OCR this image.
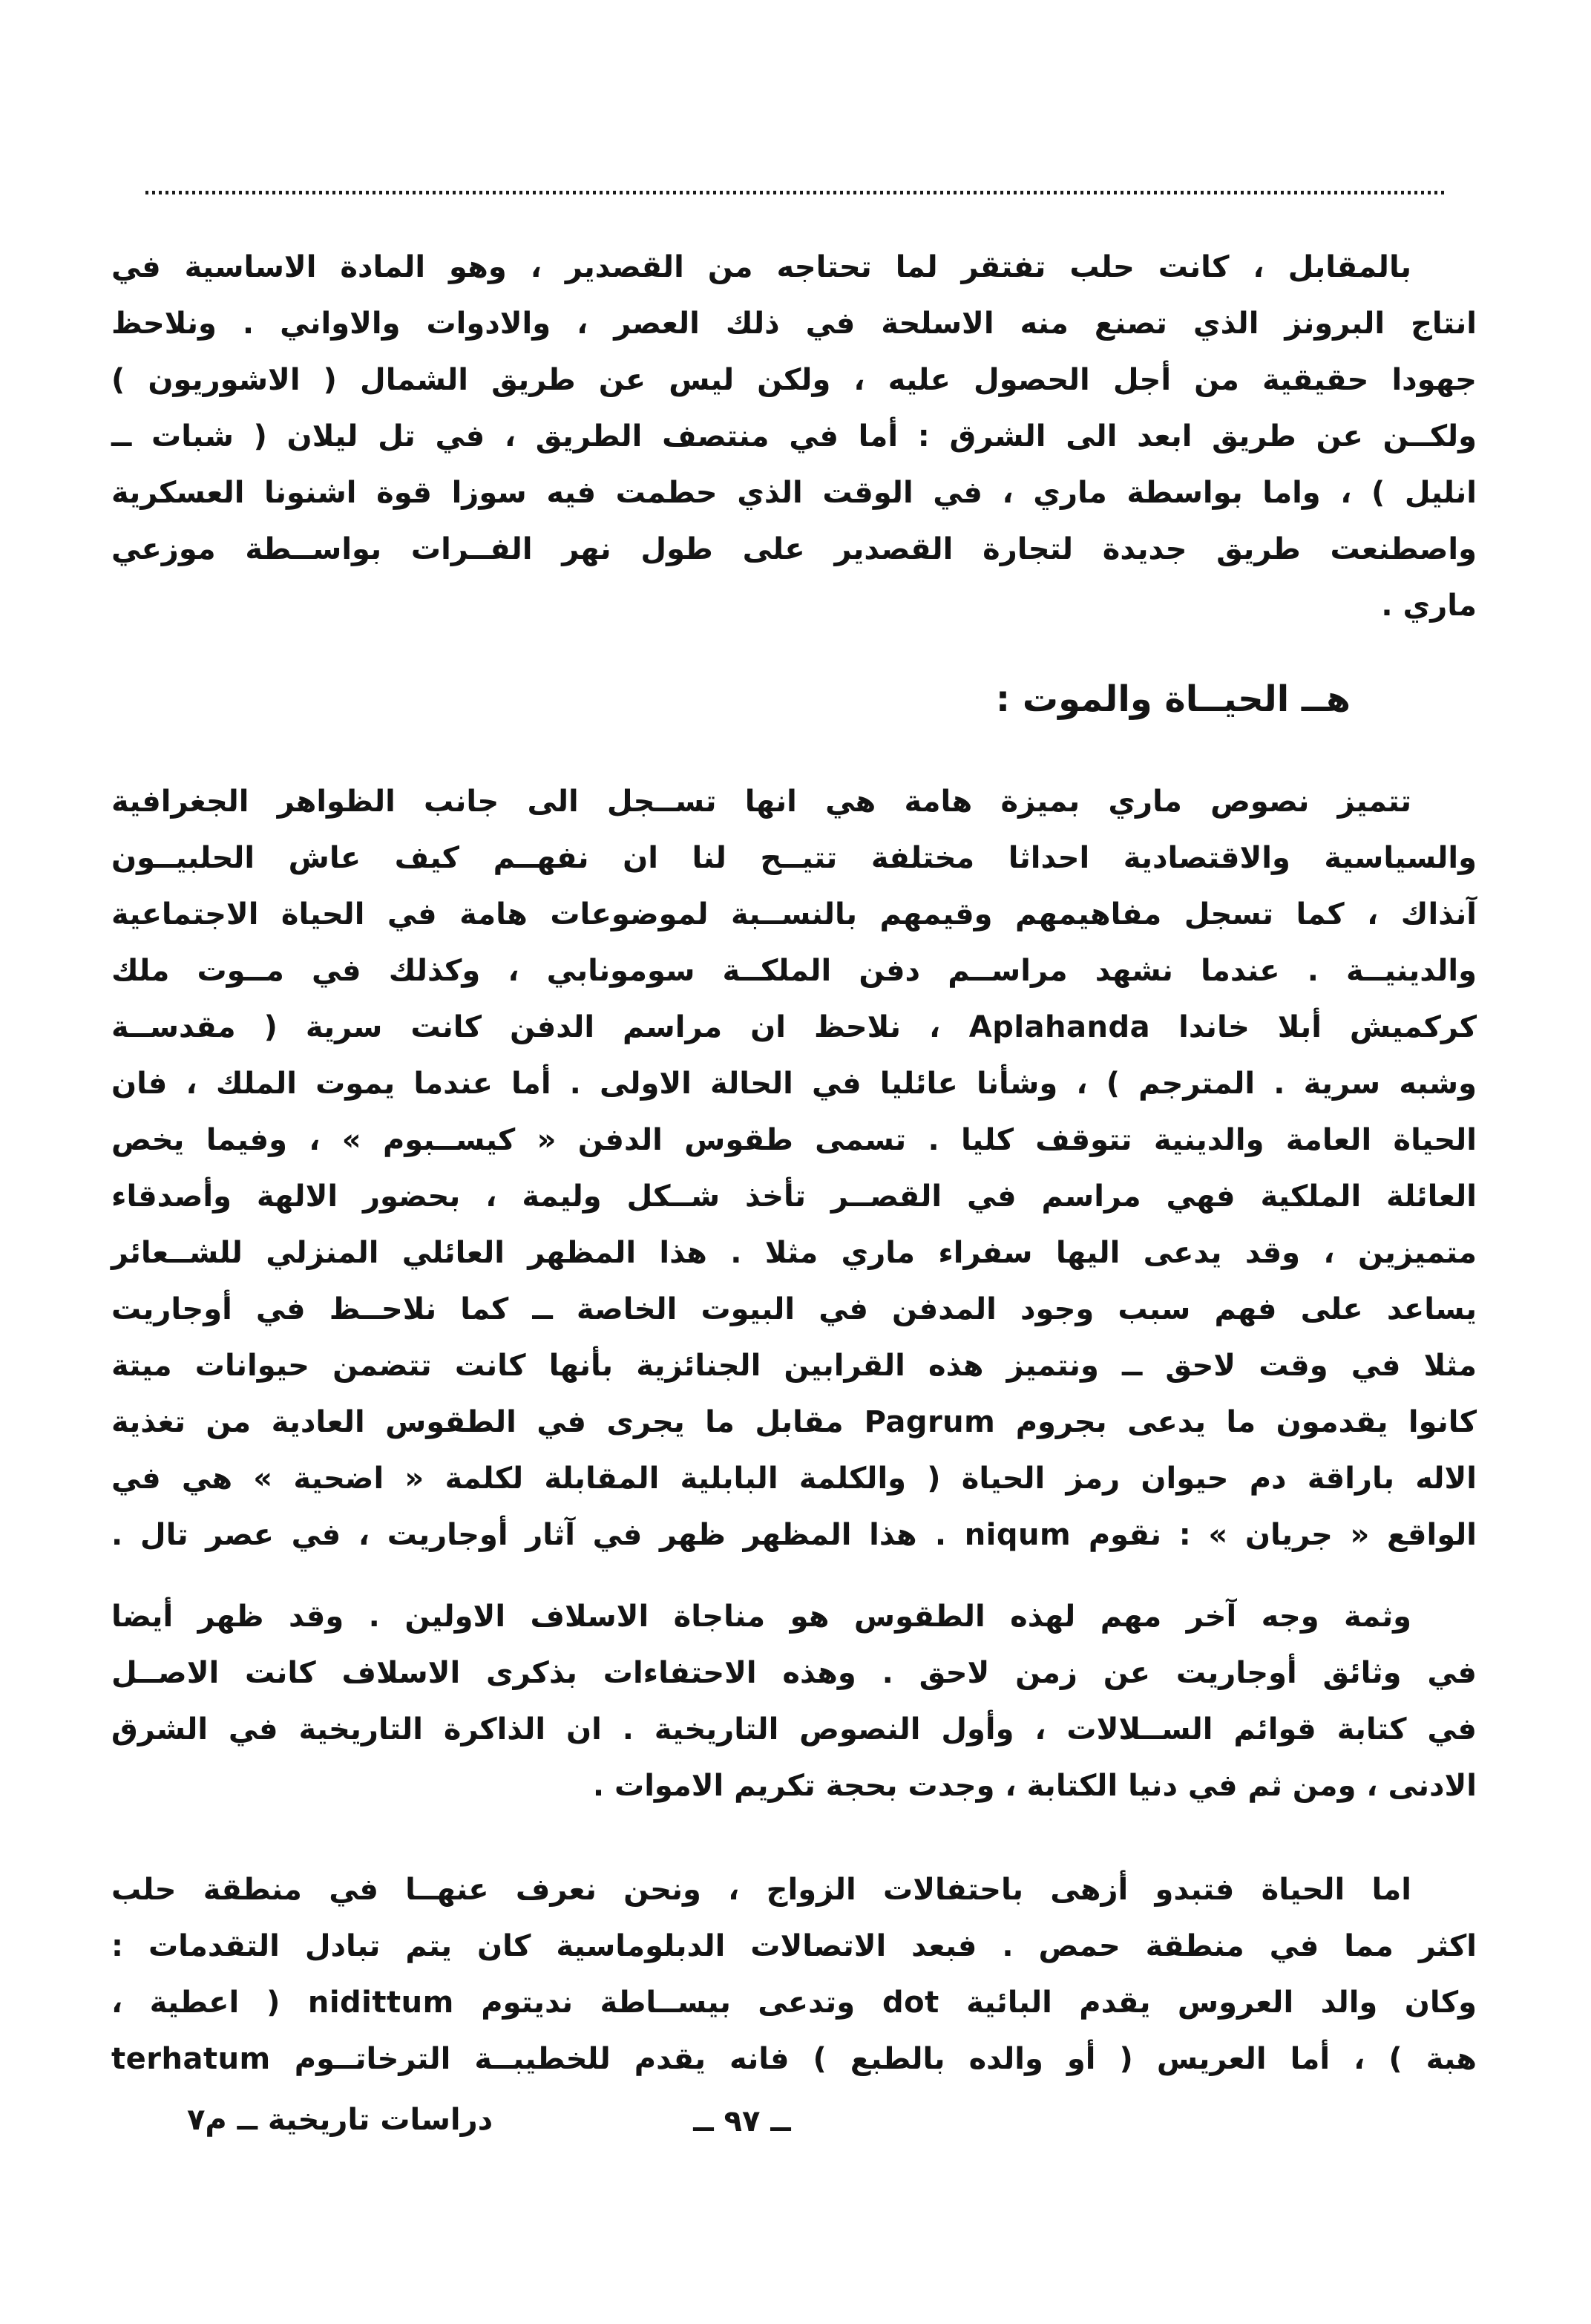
بالمقابل ، كانت حلب تفتقر لما تحتاجه من القصدير ، وهو المادة الاساسية في
انتاج البرونز الذي تصنع منه الاسلحة في ذلك العصر ، والادوات والاواني . ونلاحظ
جهودا حقيقية من أجل الحصول عليه ، ولكن ليس عن طريق الشمال ( الاشوريون )
ولكــن عن طريق ابعد الى الشرق : أما في منتصف الطريق ، في تل ليلان ( شبات ــ
انليل ) ، واما بواسطة ماري ، في الوقت الذي حطمت فيه سوزا قوة اشنونا العسكرية
واصطنعت طريق جديدة لتجارة القصدير على طول نهر الفــرات بواســطة موزعي
ماري .
هــ الحيــاة والموت :
تتميز نصوص ماري بميزة هامة هي انها تســجل الى جانب الظواهر الجغرافية
والسياسية والاقتصادية احداثا مختلفة تتيــح لنا ان نفهــم كيف عاش الحلبيــون
آنذاك ، كما تسجل مفاهيمهم وقيمهم بالنســبة لموضوعات هامة في الحياة الاجتماعية
والدينيــة . عندما نشهد مراســم دفن الملكــة سومونابي ، وكذلك في مــوت ملك
كركميش أبلا خاندا Aplahanda ، نلاحظ ان مراسم الدفن كانت سرية ( مقدســة
وشبه سرية . المترجم ) ، وشأنا عائليا في الحالة الاولى . أما عندما يموت الملك ، فان
الحياة العامة والدينية تتوقف كليا . تسمى طقوس الدفن « كيســبوم » ، وفيما يخص
العائلة الملكية فهي مراسم في القصــر تأخذ شــكل وليمة ، بحضور الالهة وأصدقاء
متميزين ، وقد يدعى اليها سفراء ماري مثلا . هذا المظهر العائلي المنزلي للشــعائر
يساعد على فهم سبب وجود المدفن في البيوت الخاصة ــ كما نلاحــظ في أوجاريت
مثلا في وقت لاحق ــ ونتميز هذه القرابين الجنائزية بأنها كانت تتضمن حيوانات ميتة
كانوا يقدمون ما يدعى بجروم Pagrum مقابل ما يجرى في الطقوس العادية من تغذية
الاله باراقة دم حيوان رمز الحياة ( والكلمة البابلية المقابلة لكلمة « اضحية » هي في
الواقع « جريان » : نقوم niqum . هذا المظهر ظهر في آثار أوجاريت ، في عصر تال .
وثمة وجه آخر مهم لهذه الطقوس هو مناجاة الاسلاف الاولين . وقد ظهر أيضا
في وثائق أوجاريت عن زمن لاحق . وهذه الاحتفاءات بذكرى الاسلاف كانت الاصــل
في كتابة قوائم الســلالات ، وأول النصوص التاريخية . ان الذاكرة التاريخية في الشرق
الادنى ، ومن ثم في دنيا الكتابة ، وجدت بحجة تكريم الاموات .
اما الحياة فتبدو أزهى باحتفالات الزواج ، ونحن نعرف عنهــا في منطقة حلب
اكثر مما في منطقة حمص . فبعد الاتصالات الدبلوماسية كان يتم تبادل التقدمات :
وكان والد العروس يقدم البائية dot وتدعى بيســاطة نديتوم nidittum ( اعطية ،
هبة ) ، أما العريس ( أو والده بالطبع ) فانه يقدم للخطيبــة الترخاتــوم terhatum
ــ ٩٧ ــ
دراسات تاريخية ــ م٧
